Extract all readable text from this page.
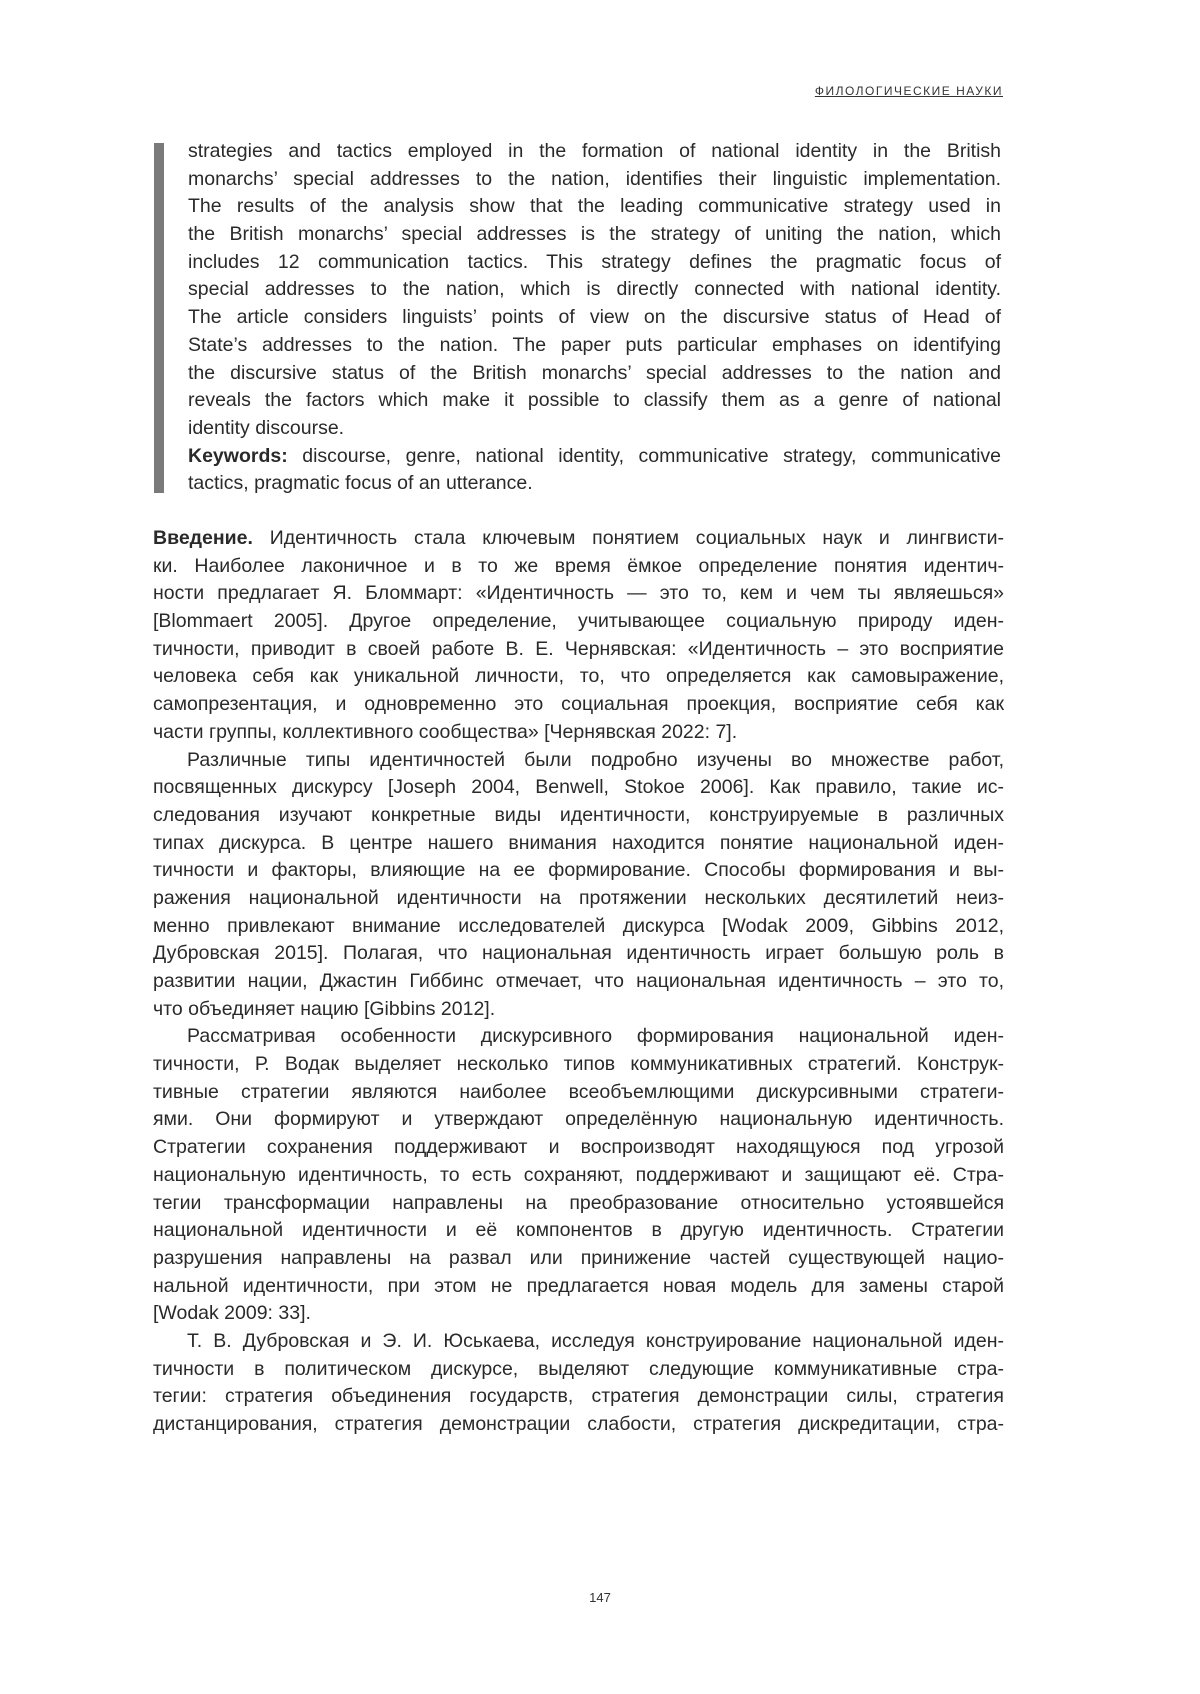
ФИЛОЛОГИЧЕСКИЕ НАУКИ
strategies and tactics employed in the formation of national identity in the British
monarchs’ special addresses to the nation, identifies their linguistic implementation.
The results of the analysis show that the leading communicative strategy used in
the British monarchs’ special addresses is the strategy of uniting the nation, which
includes 12 communication tactics. This strategy defines the pragmatic focus of
special addresses to the nation, which is directly connected with national identity.
The article considers linguists’ points of view on the discursive status of Head of
State’s addresses to the nation. The paper puts particular emphases on identifying
the discursive status of the British monarchs’ special addresses to the nation and
reveals the factors which make it possible to classify them as a genre of national
identity discourse.
Keywords: discourse, genre, national identity, communicative strategy, communicative
tactics, pragmatic focus of an utterance.
Введение. Идентичность стала ключевым понятием социальных наук и лингвисти-
ки. Наиболее лаконичное и в то же время ёмкое определение понятия идентич-
ности предлагает Я. Бломмарт: «Идентичность — это то, кем и чем ты являешься»
[Blommaert 2005]. Другое определение, учитывающее социальную природу иден-
тичности, приводит в своей работе В. Е. Чернявская: «Идентичность – это восприятие
человека себя как уникальной личности, то, что определяется как самовыражение,
самопрезентация, и одновременно это социальная проекция, восприятие себя как
части группы, коллективного сообщества» [Чернявская 2022: 7].
Различные типы идентичностей были подробно изучены во множестве работ,
посвященных дискурсу [Joseph 2004, Benwell, Stokoe 2006]. Как правило, такие ис-
следования изучают конкретные виды идентичности, конструируемые в различных
типах дискурса. В центре нашего внимания находится понятие национальной иден-
тичности и факторы, влияющие на ее формирование. Способы формирования и вы-
ражения национальной идентичности на протяжении нескольких десятилетий неиз-
менно привлекают внимание исследователей дискурса [Wodak 2009, Gibbins 2012,
Дубровская 2015]. Полагая, что национальная идентичность играет большую роль в
развитии нации, Джастин Гиббинс отмечает, что национальная идентичность – это то,
что объединяет нацию [Gibbins 2012].
Рассматривая особенности дискурсивного формирования национальной иден-
тичности, Р. Водак выделяет несколько типов коммуникативных стратегий. Конструк-
тивные стратегии являются наиболее всеобъемлющими дискурсивными стратеги-
ями. Они формируют и утверждают определённую национальную идентичность.
Стратегии сохранения поддерживают и воспроизводят находящуюся под угрозой
национальную идентичность, то есть сохраняют, поддерживают и защищают её. Стра-
тегии трансформации направлены на преобразование относительно устоявшейся
национальной идентичности и её компонентов в другую идентичность. Стратегии
разрушения направлены на развал или принижение частей существующей нацио-
нальной идентичности, при этом не предлагается новая модель для замены старой
[Wodak 2009: 33].
Т. В. Дубровская и Э. И. Юськаева, исследуя конструирование национальной иден-
тичности в политическом дискурсе, выделяют следующие коммуникативные стра-
тегии: стратегия объединения государств, стратегия демонстрации силы, стратегия
дистанцирования, стратегия демонстрации слабости, стратегия дискредитации, стра-
147
